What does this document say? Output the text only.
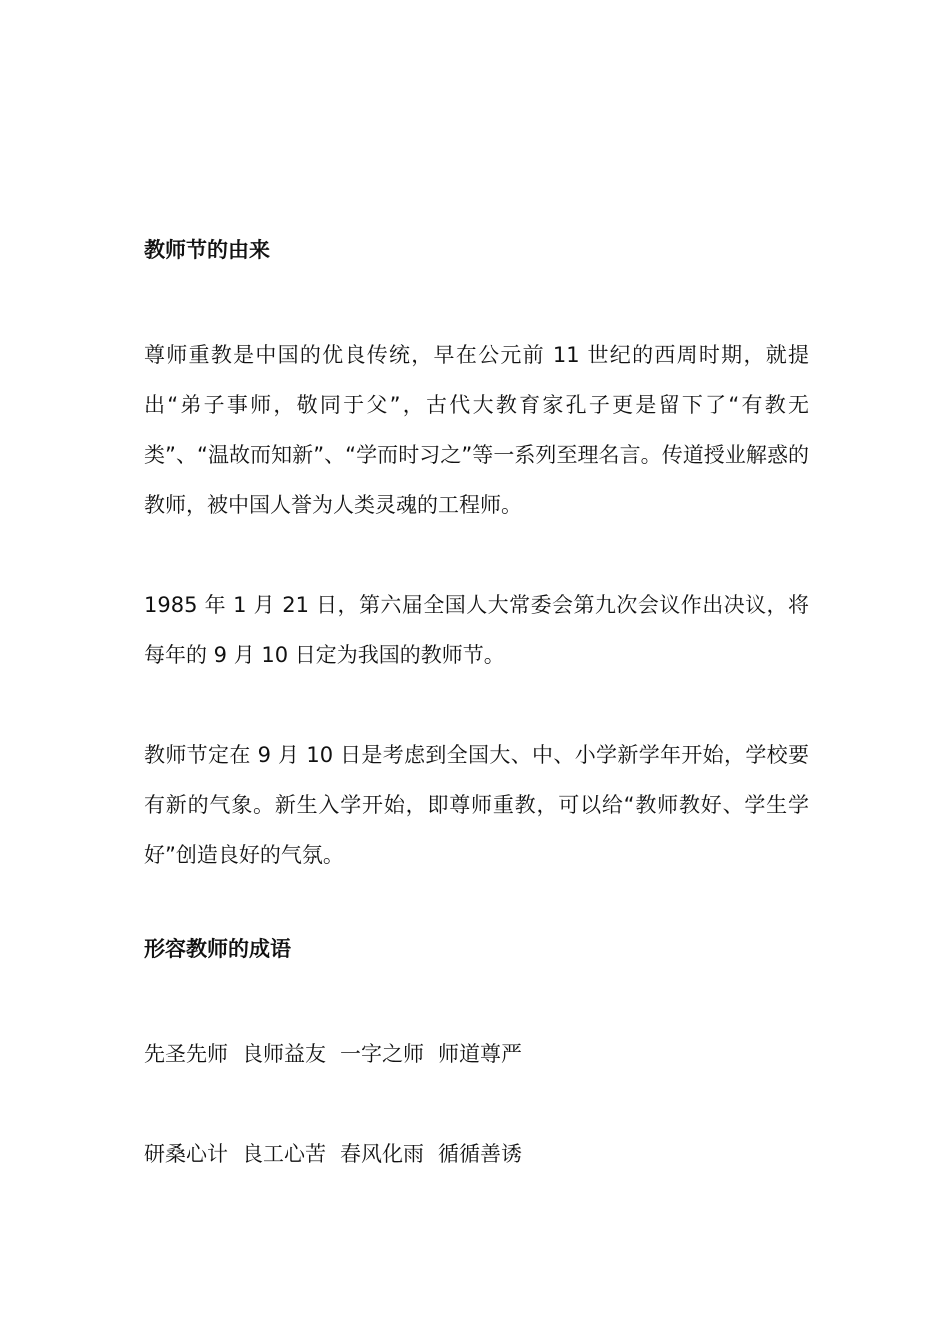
教师节的由来

尊师重教是中国的优良传统，早在公元前 11 世纪的西周时期，就提出“弟子事师，敬同于父”，古代大教育家孔子更是留下了“有教无类”、“温故而知新”、“学而时习之”等一系列至理名言。传道授业解惑的教师，被中国人誉为人类灵魂的工程师。

1985 年 1 月 21 日，第六届全国人大常委会第九次会议作出决议，将每年的 9 月 10 日定为我国的教师节。

教师节定在 9 月 10 日是考虑到全国大、中、小学新学年开始，学校要有新的气象。新生入学开始，即尊师重教，可以给“教师教好、学生学好”创造良好的气氛。

形容教师的成语

先圣先师 良师益友 一字之师 师道尊严

研桑心计 良工心苦 春风化雨 循循善诱
